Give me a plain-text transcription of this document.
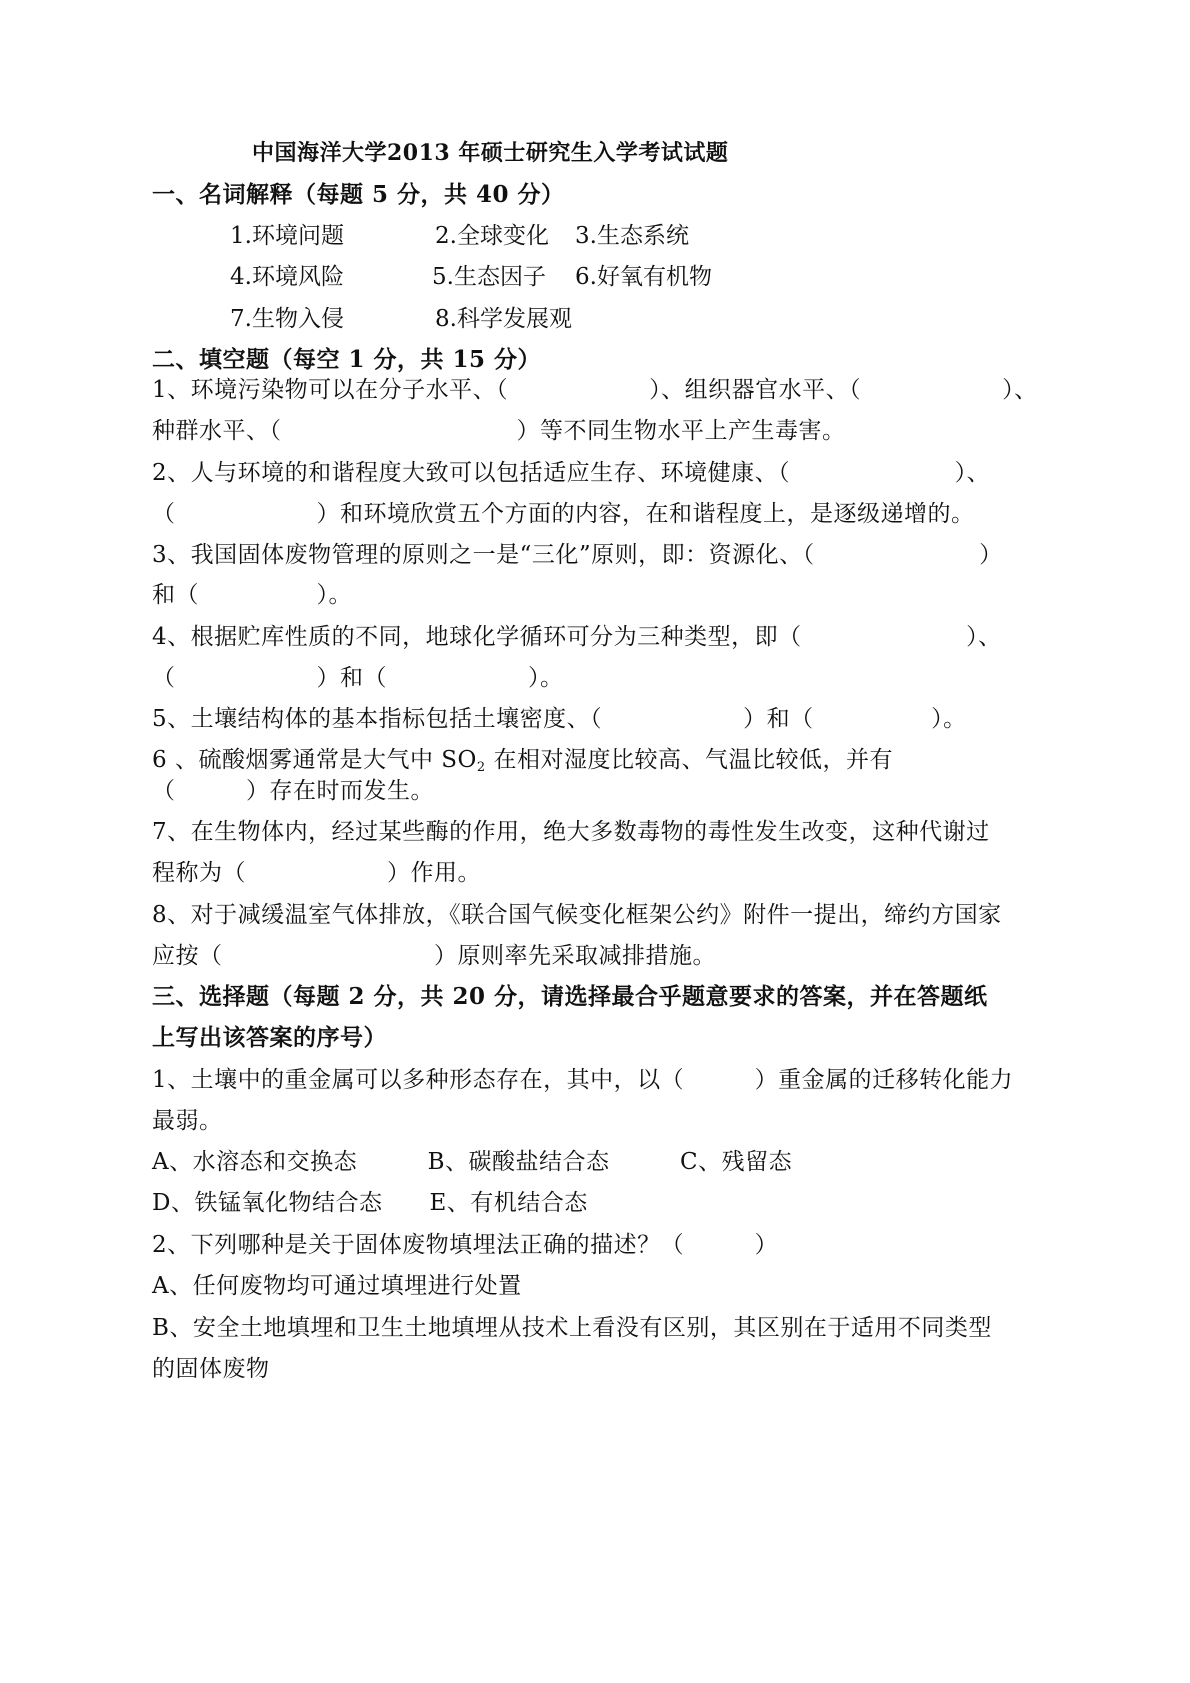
中国海洋大学2013 年硕士研究生入学考试试题
一、名词解释（每题 5 分，共 40 分）
1.环境问题	2.全球变化 3.生态系统
4.环境风险	5.生态因子 6.好氧有机物
7.生物入侵	8.科学发展观
二、填空题（每空 1 分，共 15 分）
1、环境污染物可以在分子水平、（　　　　　　）、组织器官水平、（　　　　　　）、
种群水平、（　　　　　　　　　　）等不同生物水平上产生毒害。
2、人与环境的和谐程度大致可以包括适应生存、环境健康、（　　　　　　　）、
（　　　　　　）和环境欣赏五个方面的内容，在和谐程度上，是逐级递增的。
3、我国固体废物管理的原则之一是“三化”原则，即：资源化、（　　　　　　　）
和（　　　　　）。
4、根据贮库性质的不同，地球化学循环可分为三种类型，即（　　　　　　　）、
（　　　　　　）和（　　　　　　）。
5、土壤结构体的基本指标包括土壤密度、（　　　　　　）和（　　　　　）。
6 、硫酸烟雾通常是大气中 $SO_2$ 在相对湿度比较高、气温比较低，并有
（　　　）存在时而发生。
7、在生物体内，经过某些酶的作用，绝大多数毒物的毒性发生改变，这种代谢过
程称为（　　　　　　）作用。
8、对于减缓温室气体排放，《联合国气候变化框架公约》附件一提出，缔约方国家
应按（　　　　　　　　　）原则率先采取减排措施。
三、选择题（每题 2 分，共 20 分，请选择最合乎题意要求的答案，并在答题纸
上写出该答案的序号）
1、土壤中的重金属可以多种形态存在，其中，以（　　　）重金属的迁移转化能力
最弱。
A、水溶态和交换态　　　B、碳酸盐结合态　　　C、残留态
D、铁锰氧化物结合态　　E、有机结合态
2、下列哪种是关于固体废物填埋法正确的描述？（　　　）
A、任何废物均可通过填埋进行处置
B、安全土地填埋和卫生土地填埋从技术上看没有区别，其区别在于适用不同类型
的固体废物
